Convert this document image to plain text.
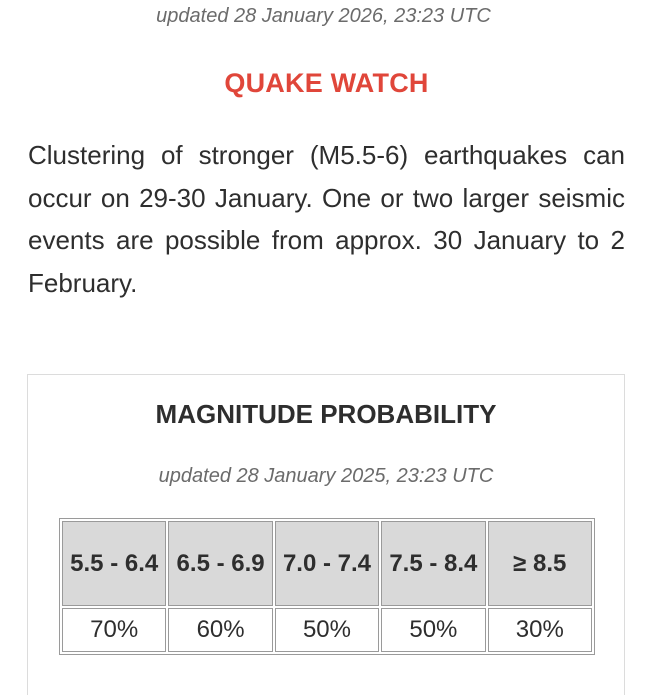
updated 28 January 2026, 23:23 UTC
QUAKE WATCH

Clustering of stronger (M5.5-6) earthquakes can occur on 29-30 January. One or two larger seismic events are possible from approx. 30 January to 2 February.

MAGNITUDE PROBABILITY
updated 28 January 2025, 23:23 UTC
5.5 - 6.4	6.5 - 6.9	7.0 - 7.4	7.5 - 8.4	≥ 8.5
70%	60%	50%	50%	30%
